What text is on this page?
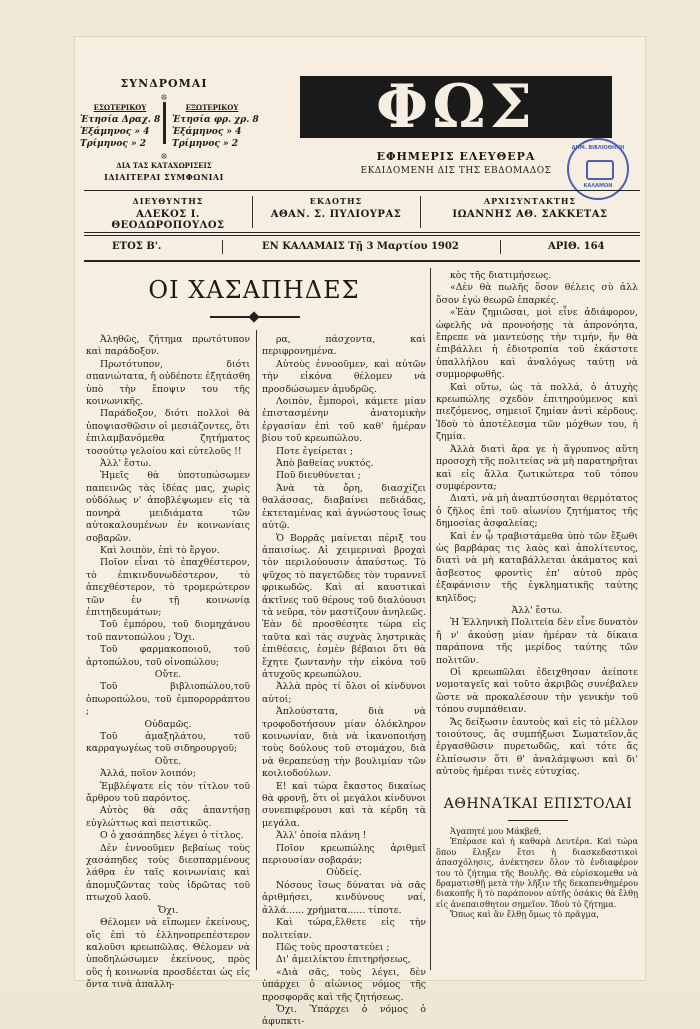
ΣΥΝΔΡΟΜΑΙ
❊
ΕΣΩΤΕΡΙΚΟΥ
Ἐτησία Δραχ. 8
Ἑξάμηνος » 4
Τρίμηνος » 2
ΕΞΩΤΕΡΙΚΟΥ
Ἐτησία φρ. χρ. 8
Ἑξάμηνος » 4
Τρίμηνος » 2
❊
ΔΙΑ ΤΑΣ ΚΑΤΑΧΩΡΙΣΕΙΣ
ΙΔΙΑΙΤΕΡΑΙ ΣΥΜΦΩΝΙΑΙ
ΦΩΣ
ΕΦΗΜΕΡΙΣ ΕΛΕΥΘΕΡΑ
ΕΚΔΙΔΟΜΕΝΗ ΔΙΣ ΤΗΣ ΕΒΔΟΜΑΔΟΣ
ΔΗΜ. ΒΙΒΛΙΟΘΗΚΗ
ΚΑΛΑΜΩΝ
ΔΙΕΥΘΥΝΤΗΣ
ΑΛΕΚΟΣ Ι. ΘΕΟΔΩΡΟΠΟΥΛΟΣ
ΕΚΔΟΤΗΣ
ΑΘΑΝ. Σ. ΠΥΛΙΟΥΡΑΣ
ΑΡΧΙΣΥΝΤΑΚΤΗΣ
ΙΩΑΝΝΗΣ ΑΘ. ΣΑΚΚΕΤΑΣ
ΕΤΟΣ Β'.	ΕΝ ΚΑΛΑΜΑΙΣ Τῇ 3 Μαρτίου 1902	ΑΡΙΘ. 164
ΟΙ ΧΑΣΑΠΗΔΕΣ

Ἀληθῶς, ζήτημα πρωτότυπον καὶ παράδοξον.

Πρωτότυπον, διότι σπανιώτατα, ἤ οὐδέποτε ἐξητάσθη ὑπὸ τὴν ἔποψιν του τῆς κοινωνικῆς.

Παράδοξον, διότι πολλοὶ θὰ ὑποψιασθῶσιν οἱ μεσιάζοντες, ὅτι ἐπιλαμβανόμεθα ζητήματος τοσούτῳ γελοίου καὶ εὐτελοῦς !!

Ἀλλ' ἔστω.

Ἡμεῖς θὰ ὑποτυπώσωμεν παπεινῶς τὰς ἰδέας μας, χωρὶς οὐδόλως ν' ἀποβλέψωμεν εἰς τὰ πονηρὰ μειδιάματα τῶν αὐτοκαλουμένων ἐν κοινωνίαις σοβαρῶν.

Καὶ λοιπὸν, ἐπὶ τὸ ἔργον.

Ποῖον εἶναι τὸ ἐπαχθέστερον, τὸ ἐπικινδυνωδέστερον, τὸ ἀπεχθέστερον, τὸ τρομερώτερον τῶν ἐν τῇ κοινωνίᾳ ἐπιτηδευμάτων;

Τοῦ ἐμπόρου, τοῦ διομηχάνου τοῦ παντοπώλου ; Ὄχι.

Τοῦ φαρμακοποιοῦ, τοῦ ἀρτοπώλου, τοῦ οἰνοπώλου;

Οὔτε.

Τοῦ βιβλιοπώλου,τοῦ ὀπωροπώλου, τοῦ ἐμπορορράπτου ;

Οὐδαμῶς.

Τοῦ ἁμαξηλάτου, τοῦ καρραγωγέως τοῦ σιδηρουργοῦ;

Οὔτε.

Ἀλλά, ποῖον λοιπόν;

Ἐμβλέψατε εἰς τὸν τίτλον τοῦ ἄρθρου τοῦ παρόντος.

Αὐτὸς θὰ σᾶς ἀπαντήσῃ εὐγλώττως καὶ πειστικῶς.

Ο ὁ χασάπηδες λέγει ὁ τίτλος.

Δὲν ἐννοοῦμεν βεβαίως τοὺς χασάπηδες τοὺς διεσπαρμένους λάθρα ἐν ταῖς κοινωνίαις καὶ ἀπομυζῶντας τοὺς ἱδρῶτας τοῦ πτωχοῦ λαοῦ.

Ὄχι.

Θέλομεν νὰ εἴπωμεν ἐκείνους, οἵς ἐπὶ τὸ ἑλληνοπρεπέστερον καλοῦσι κρεωπῶλας. Θέλομεν νὰ ὑποδηλώσωμεν ἐκείνους, πρὸς οὓς ἡ κοινωνία προσδέεται ὡς εἰς ὄντα τινὰ ἀπαλλη-

ρα, πάσχοντα, καὶ περιφρονημένα.

Αὐτοὺς ἐννοοῦμεν, καὶ αὐτῶν τὴν εἰκόνα θέλομεν νὰ προσδώσωμεν ἀμυδρῶς.

Λοιπὸν, ἔμποροὶ, κάμετε μίαν ἐπιστασμένην ἀνατομικὴν ἐργασίαν ἐπὶ τοῦ καθ' ἡμέραν βίου τοῦ κρεωπώλου.

Ποτε ἐγείρεται ;

Ἀπὸ βαθείας νυκτός.

Ποῦ διευθύνεται ;

Ἀνὰ τὰ ὄρη, διασχίζει θαλάσσας, διαβαίνει πεδιάδας, ἐκτεταμένας καὶ ἀγνώστους ἴσως αὐτῷ.

Ὁ Βορρᾶς μαίνεται πέριξ του ἀπαισίως. Αἱ χειμεριναὶ βροχαὶ τὸν περιλούουσιν ἀπαύστως. Τὸ ψῦχος τὸ παγετῶδες τὸν τυραννεῖ φρικωδῶς. Καὶ αἱ καυστικαὶ ἀκτῖνες τοῦ θέρους τοῦ διαλύουσι τὰ νεῦρα, τὸν μαστίζουν ἀνηλεῶς. Ἐὰν δὲ προσθέσητε τώρα εἰς ταῦτα καὶ τὰς συχνὰς ληστρικὰς ἐπιθέσεις, ἐσμὲν βέβαιοι ὅτι θὰ ἔχητε ζωντανὴν τὴν εἰκόνα τοῦ ἀτυχοῦς κρεωπώλου.

Ἀλλὰ πρὸς τί ὅλοι οἱ κίνδυνοι αὐτοί;

Ἁπλούστατα, διὰ νὰ τροφοδοτήσουν μίαν ὁλόκληρον κοινωνίαν, διὰ νὰ ἱκανοποιήσῃ τοὺς δούλους τοῦ στομάχου, διὰ νὰ θεραπεύσῃ τὴν βουλιμίαν τῶν κοιλιοδούλων.

Ε! καὶ τώρα ἕκαστος δικαίως θὰ φρονῇ, ὅτι οἱ μεγάλοι κίνδυνοι συνεπιφέρουσι καὶ τὰ κέρδη τὰ μεγάλα.

Ἀλλ' ὁποία πλάνη !

Ποῖον κρεωπώλης ἀριθμεῖ περιουσίαν σοβαράν;

Οὐδείς.

Νόσους ἴσως δύναται νὰ σᾶς ἀριθμήσει, κινδύνους ναί, ἀλλά...... χρήματα...... τίποτε.

Καὶ τώρα,ἔλθετε εἰς τὴν πολιτείαν.

Πῶς τοὺς προστατεύει ;

Δι' ἀμειλίκτου ἐπιτηρήσεως,

«Διὰ σᾶς, τοὺς λέγει, δὲν ὑπάρχει ὁ αἰώνιος νόμος τῆς προσφορᾶς καὶ τῆς ζητήσεως.

Ὄχι. Ὑπάρχει ὁ νόμος ὁ ἀφυπκτι-

κὸς τῆς διατιμήσεως.

«Δὲν θὰ πωλῆς ὅσον θέλεις σὺ ἀλλ ὅσον ἐγὼ θεωρῶ ἐπαρκές.

«Ἐὰν ζημιῶσαι, μοὶ εἶνε ἀδιάφορον, ὠφελῆς νὰ προνοήσῃς τὰ ἀπρονόητα, ἔπρεπε νὰ μαντεύσῃς τὴν τιμήν, ἥν θὰ ἐπιβάλλει ἡ ἑδιοτροπία τοῦ ἑκάστοτε ὑπαλλήλου καὶ ἀναλόγως ταύτῃ νὰ συμμορφωθῆς.

Καὶ οὕτω, ὡς τὰ πολλά, ὁ ἀτυχὴς κρεωπώλης σχεδὸν ἐπιτηρούμενος καὶ πιεζόμενος, σημειοῖ ζημίαν ἀντὶ κέρδους. Ἰδοὺ τὸ ἀποτέλεσμα τῶν μόχθων του, ἡ ζημία.

Ἀλλὰ διατὶ ἄρα γε ἡ ἄγρυπνος αὕτη προσοχὴ τῆς πολιτείας νὰ μὴ παρατηρῆται καὶ εἰς ἄλλα ζωτικώτερα τοῦ τόπου συμφέροντα;

Διατὶ, νὰ μὴ ἀναπτύσσηται θερμότατος ὁ ζῆλος ἐπὶ τοῦ αἰωνίου ζητήματος τῆς δημοσίας ἀσφαλείας;

Καὶ ἐν ᾧ τραβιστάμεθα ὑπὸ τῶν ἔξωθι ὡς βαρβάρας τις λαὸς καὶ ἀπολίτευτος, διατὶ νὰ μὴ καταβάλλεται ἀκάματος καὶ ἄσβεστος φροντὶς ἐπ' αὐτοῦ πρὸς ἐξαφάνισιν τῆς ἐγκληματικῆς ταύτης κηλῖδος;

Ἀλλ' ἔστω.

Ἡ Ἑλληνικὴ Πολιτεία δὲν εἶνε δυνατὸν ἤ ν' ἀκούσῃ μίαν ἡμέραν τὰ δίκαια παράπονα τῆς μερίδος ταύτης τῶν πολιτῶν.

Οἱ κρεωπῶλαι ἐδειχθησαν ἀείποτε νομοταγεῖς καὶ τοῦτο ἀκριβῶς συνέβαλεν ὥστε νὰ προκαλέσουν τὴν γενικὴν τοῦ τόπου συμπάθειαν.

Ἄς δείξωσιν ἑαυτοὺς καὶ εἰς τὸ μέλλον τοιούτους, ἄς συμπήξωσι Σωματεῖον,ἄς ἐργασθῶσιν πυρετωδῶς, καὶ τότε ἄς ἐλπίσωσιν ὅτι θ' ἀναλάμψωσι καὶ δι' αὐτοὺς ἡμέραι τινὲς εὐτυχίας.

ΑΘΗΝΑΊΚΑΙ ΕΠΙΣΤΟΛΑΙ

Ἀγαπητέ μου Μάκβεθ,

Ἐπέρασε καὶ ἡ καθαρὰ Δευτέρα. Καὶ τώρα ὅπου ἔληξεν ἔτσι ἡ διασκεδαστικοὶ ἀπασχόλησις, ἀνέκτησεν ὅλον τὸ ἐνδιαφέρον του τὸ ζήτημα τῆς Βουλῆς. Θὰ εὑρίσκομεθα νὰ δραματισθῇ μετὰ τὴν λῆξιν τῆς δεκαπενθημέρου διακοπῆς ἢ τὸ παράπονον αὐτῆς ὁσάκις θὰ ἔλθῃ εἰς ἀνεπαισθητον σημεῖον. Ἰδοὺ τὸ ζήτημα.

Ὅπως καὶ ἂν ἔλθῃ ὅμως τὸ πρᾶγμα,
